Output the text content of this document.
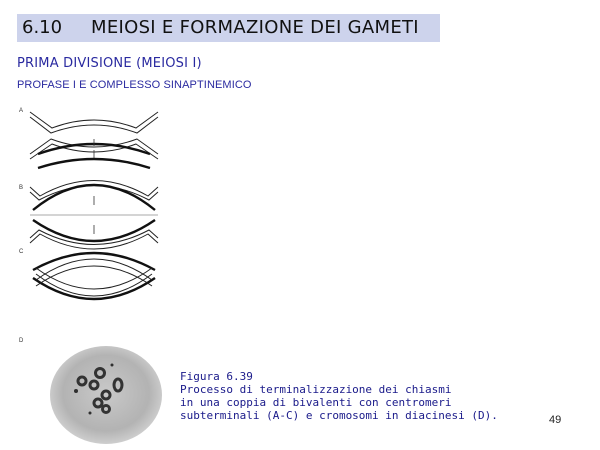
6.10 MEIOSI E FORMAZIONE DEI GAMETI
PRIMA DIVISIONE (MEIOSI I)
PROFASE I E COMPLESSO SINAPTINEMICO
A
B
C
D
Figura 6.39
Processo di terminalizzazione dei chiasmi
in una coppia di bivalenti con centromeri
subterminali (A-C) e cromosomi in diacinesi (D).	49
